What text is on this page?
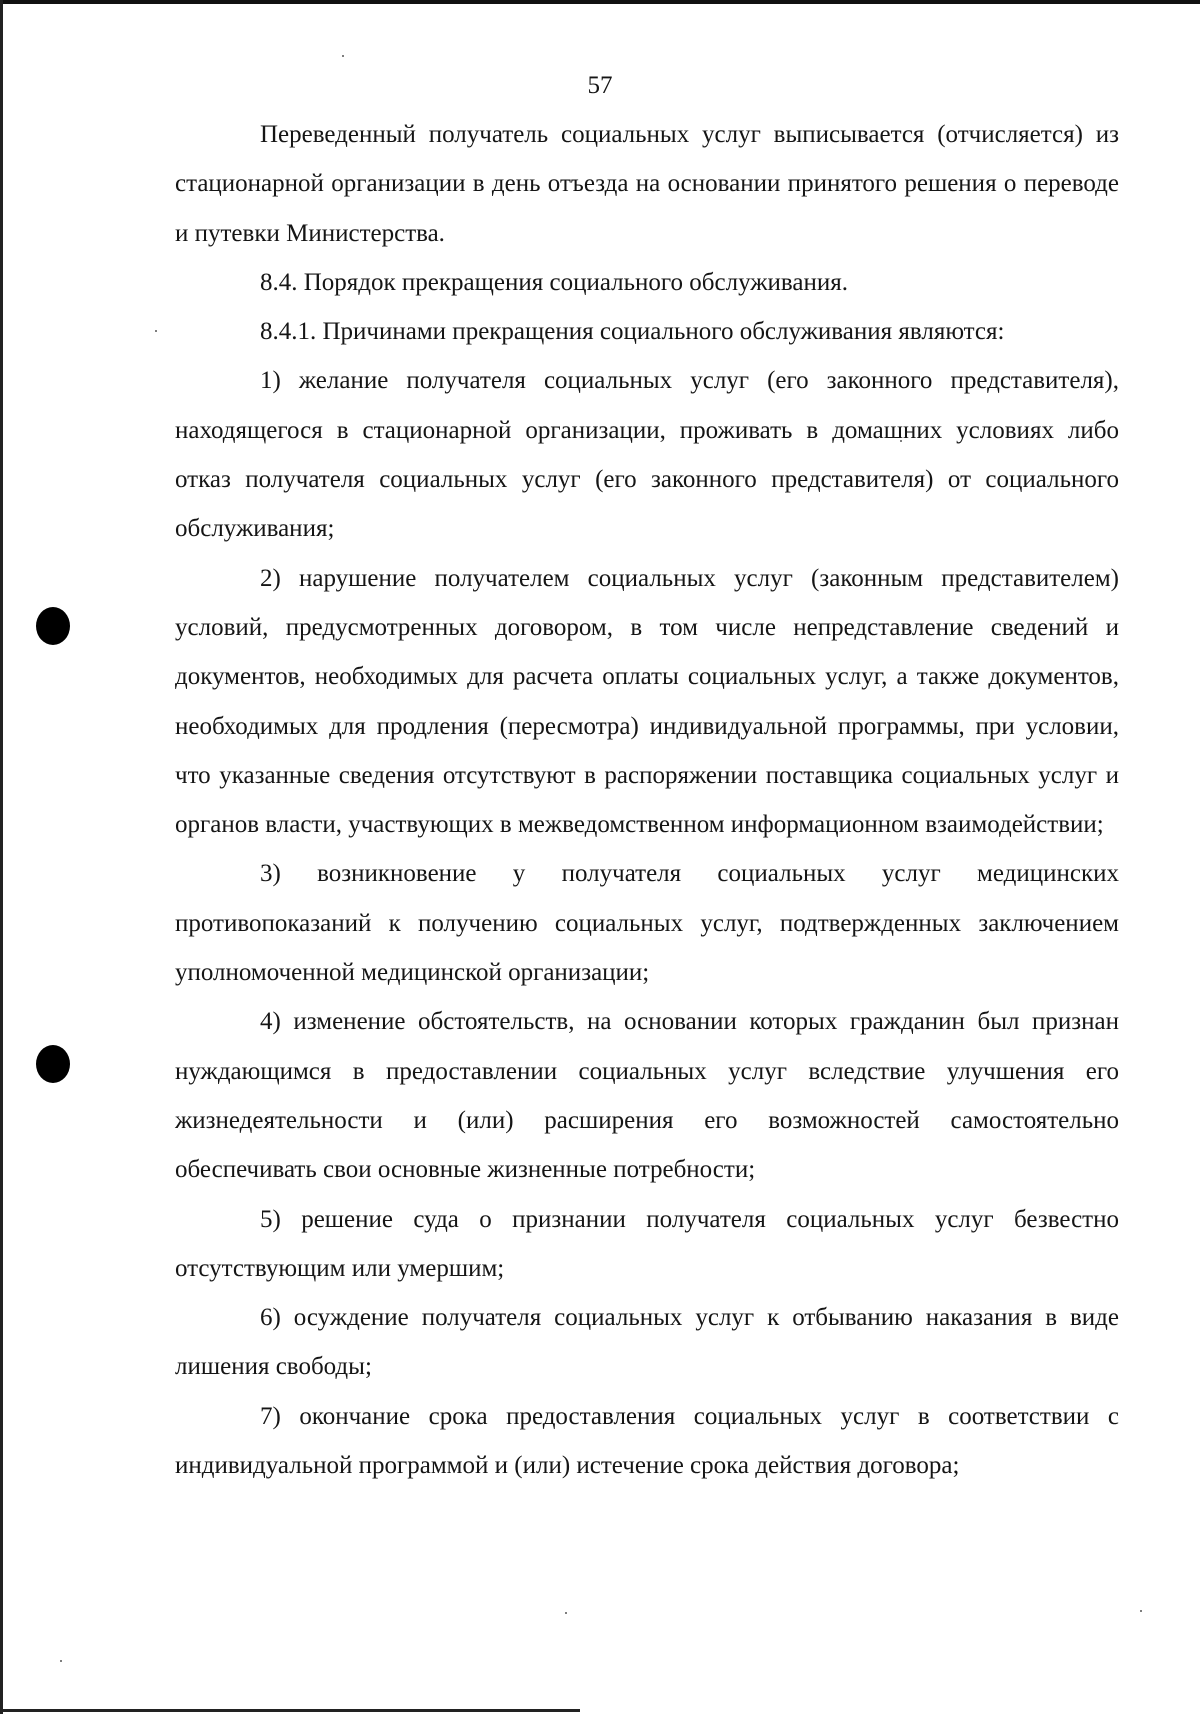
57

Переведенный получатель социальных услуг выписывается (отчисляется) из стационарной организации в день отъезда на основании принятого решения о переводе и путевки Министерства.

8.4. Порядок прекращения социального обслуживания.

8.4.1. Причинами прекращения социального обслуживания являются:

1) желание получателя социальных услуг (его законного представителя), находящегося в стационарной организации, проживать в домашних условиях либо отказ получателя социальных услуг (его законного представителя) от социального обслуживания;

2) нарушение получателем социальных услуг (законным представителем) условий, предусмотренных договором, в том числе непредставление сведений и документов, необходимых для расчета оплаты социальных услуг, а также документов, необходимых для продления (пересмотра) индивидуальной программы, при условии, что указанные сведения отсутствуют в распоряжении поставщика социальных услуг и органов власти, участвующих в межведомственном информационном взаимодействии;

3) возникновение у получателя социальных услуг медицинских противопоказаний к получению социальных услуг, подтвержденных заключением уполномоченной медицинской организации;

4) изменение обстоятельств, на основании которых гражданин был признан нуждающимся в предоставлении социальных услуг вследствие улучшения его жизнедеятельности и (или) расширения его возможностей самостоятельно обеспечивать свои основные жизненные потребности;

5) решение суда о признании получателя социальных услуг безвестно отсутствующим или умершим;

6) осуждение получателя социальных услуг к отбыванию наказания в виде лишения свободы;

7) окончание срока предоставления социальных услуг в соответствии с индивидуальной программой и (или) истечение срока действия договора;
